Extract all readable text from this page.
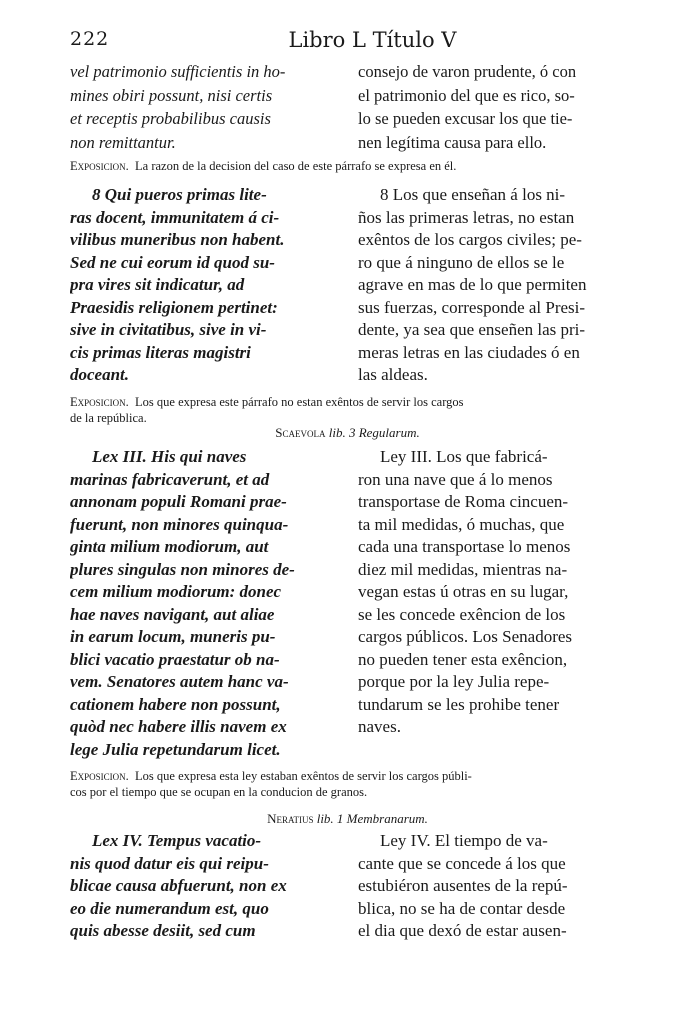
222	Libro L Título V
vel patrimonio sufficientis in ho-
mines obiri possunt, nisi certis
et receptis probabilibus causis
non remittantur.
consejo de varon prudente, ó con
el patrimonio del que es rico, so-
lo se pueden excusar los que tie-
nen legítima causa para ello.
Exposicion. La razon de la decision del caso de este párrafo se expresa en él.
8 Qui pueros primas lite-
ras docent, immunitatem á ci-
vilibus muneribus non habent.
Sed ne cui eorum id quod su-
pra vires sit indicatur, ad
Praesidis religionem pertinet:
sive in civitatibus, sive in vi-
cis primas literas magistri
doceant.
8 Los que enseñan á los ni-
ños las primeras letras, no estan
exêntos de los cargos civiles; pe-
ro que á ninguno de ellos se le
agrave en mas de lo que permiten
sus fuerzas, corresponde al Presi-
dente, ya sea que enseñen las pri-
meras letras en las ciudades ó en
las aldeas.
Exposicion. Los que expresa este párrafo no estan exêntos de servir los cargos
de la república.
Scaevola lib. 3 Regularum.
Lex III. His qui naves
marinas fabricaverunt, et ad
annonam populi Romani prae-
fuerunt, non minores quinqua-
ginta milium modiorum, aut
plures singulas non minores de-
cem milium modiorum: donec
hae naves navigant, aut aliae
in earum locum, muneris pu-
blici vacatio praestatur ob na-
vem. Senatores autem hanc va-
cationem habere non possunt,
quòd nec habere illis navem ex
lege Julia repetundarum licet.
Ley III. Los que fabricá-
ron una nave que á lo menos
transportase de Roma cincuen-
ta mil medidas, ó muchas, que
cada una transportase lo menos
diez mil medidas, mientras na-
vegan estas ú otras en su lugar,
se les concede exêncion de los
cargos públicos. Los Senadores
no pueden tener esta exêncion,
porque por la ley Julia repe-
tundarum se les prohibe tener
naves.
Exposicion. Los que expresa esta ley estaban exêntos de servir los cargos públi-
cos por el tiempo que se ocupan en la conducion de granos.
Neratius lib. 1 Membranarum.
Lex IV. Tempus vacatio-
nis quod datur eis qui reipu-
blicae causa abfuerunt, non ex
eo die numerandum est, quo
quis abesse desiit, sed cum
Ley IV. El tiempo de va-
cante que se concede á los que
estubiéron ausentes de la repú-
blica, no se ha de contar desde
el dia que dexó de estar ausen-
